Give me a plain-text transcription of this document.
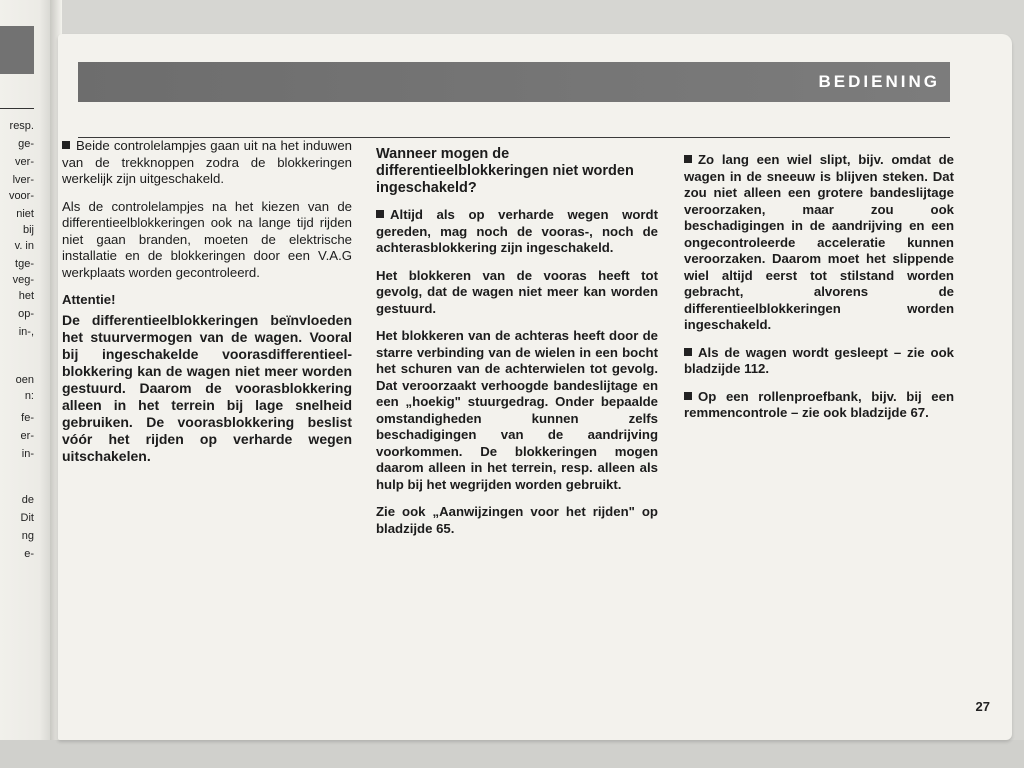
resp.
ge-
ver-
lver-
voor-
niet
bij
v. in
tge-
veg-
het
op-
in-,
oen
n:
fe-
er-
in-
de
Dit
ng
e-
BEDIENING

Beide controlelampjes gaan uit na het induwen van de trekknoppen zodra de blokkeringen werkelijk zijn uitgeschakeld.

Als de controlelampjes na het kiezen van de differentieelblokkeringen ook na lange tijd rijden niet gaan branden, moeten de elektrische installatie en de blokkeringen door een V.A.G werkplaats worden gecontroleerd.

Attentie!

De differentieelblokkeringen beïnvloeden het stuurvermogen van de wagen. Vooral bij ingeschakelde voorasdifferentieel-blokkering kan de wagen niet meer worden gestuurd. Daarom de voorasblokkering alleen in het terrein bij lage snelheid gebruiken. De voorasblokkering beslist vóór het rijden op verharde wegen uitschakelen.

Wanneer mogen de differentieelblokkeringen niet worden ingeschakeld?

Altijd als op verharde wegen wordt gereden, mag noch de vooras-, noch de achterasblokkering zijn ingeschakeld.

Het blokkeren van de vooras heeft tot gevolg, dat de wagen niet meer kan worden gestuurd.

Het blokkeren van de achteras heeft door de starre verbinding van de wielen in een bocht het schuren van de achterwielen tot gevolg. Dat veroorzaakt verhoogde bandeslijtage en een „hoekig" stuurgedrag. Onder bepaalde omstandigheden kunnen zelfs beschadigingen van de aandrijving voorkommen. De blokkeringen mogen daarom alleen in het terrein, resp. alleen als hulp bij het wegrijden worden gebruikt.

Zie ook „Aanwijzingen voor het rijden" op bladzijde 65.

Zo lang een wiel slipt, bijv. omdat de wagen in de sneeuw is blijven steken. Dat zou niet alleen een grotere bandeslijtage veroorzaken, maar zou ook beschadigingen in de aandrijving en een ongecontroleerde acceleratie kunnen veroorzaken. Daarom moet het slippende wiel altijd eerst tot stilstand worden gebracht, alvorens de differentieelblokkeringen worden ingeschakeld.

Als de wagen wordt gesleept – zie ook bladzijde 112.

Op een rollenproefbank, bijv. bij een remmencontrole – zie ook bladzijde 67.

27
